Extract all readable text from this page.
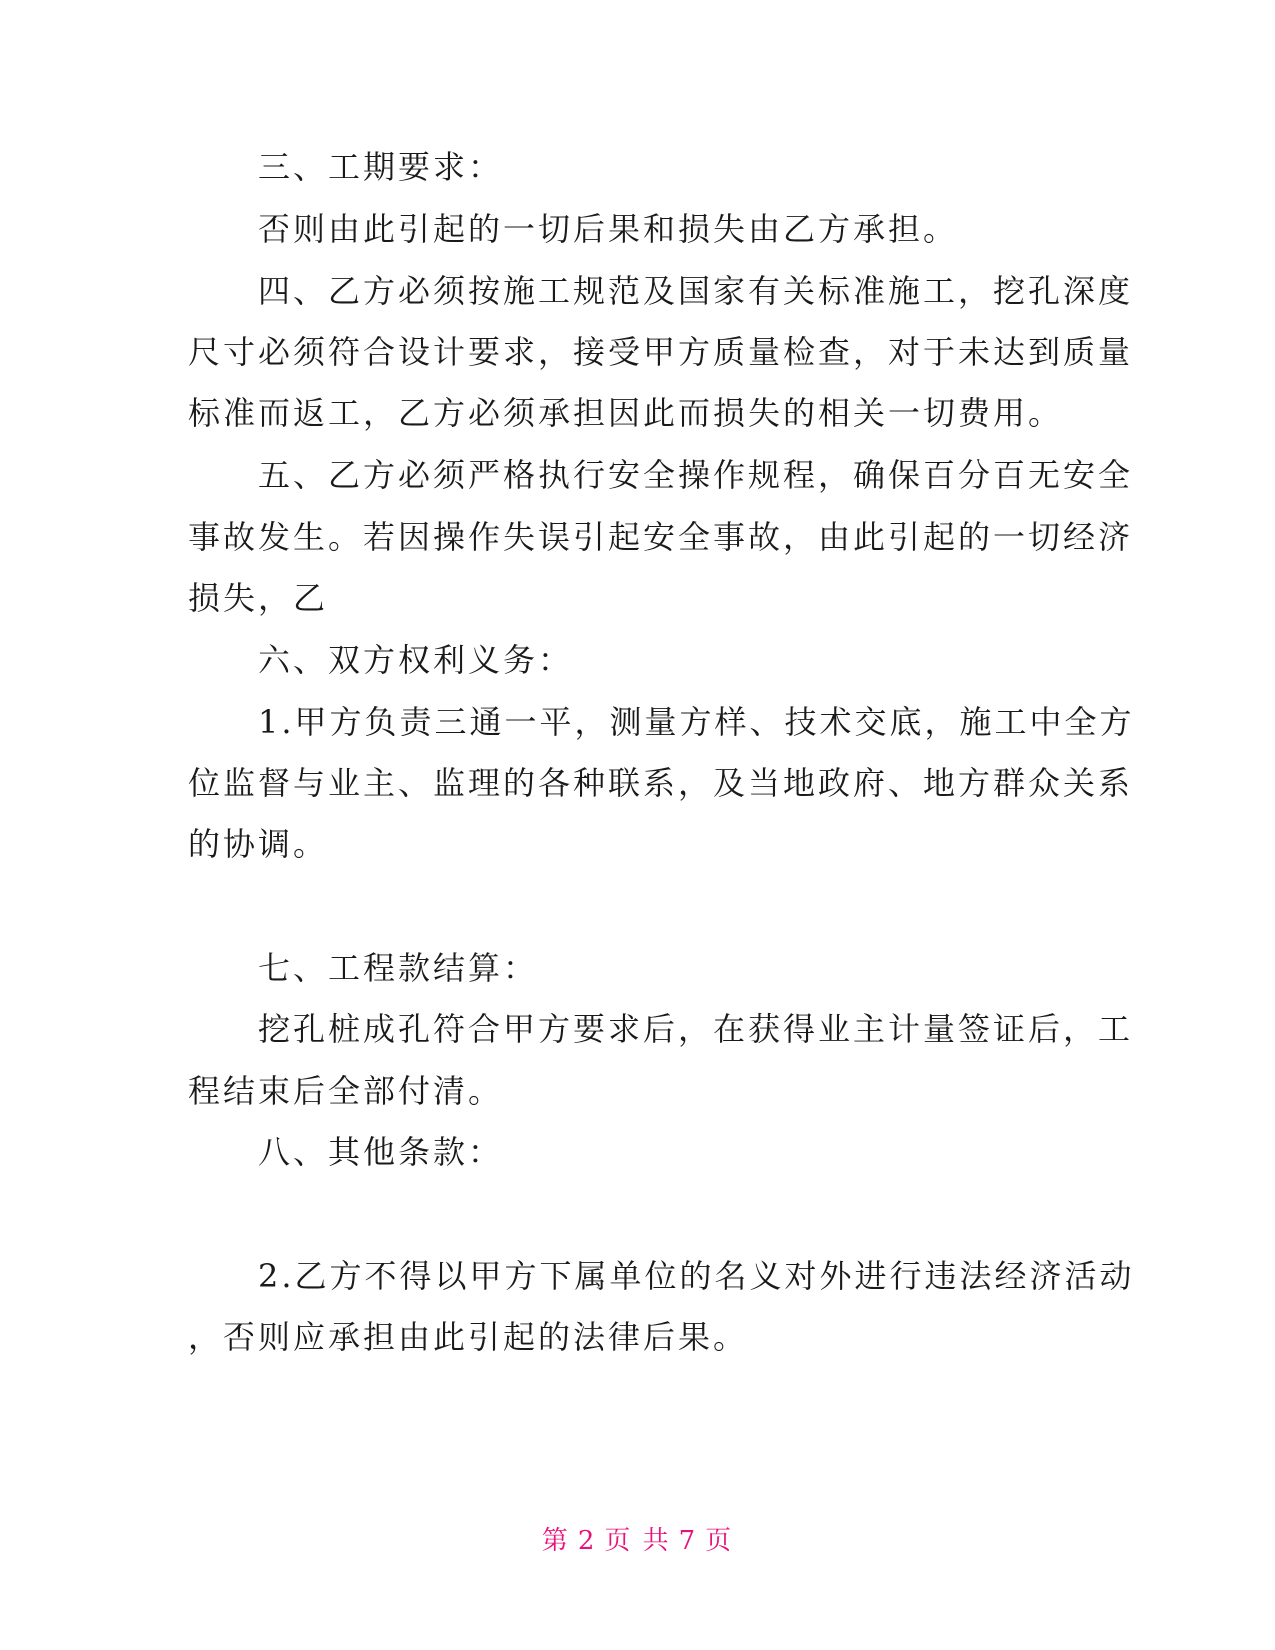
　　三、工期要求：
　　否则由此引起的一切后果和损失由乙方承担。
　　四、乙方必须按施工规范及国家有关标准施工，挖孔深度
尺寸必须符合设计要求，接受甲方质量检查，对于未达到质量
标准而返工，乙方必须承担因此而损失的相关一切费用。
　　五、乙方必须严格执行安全操作规程，确保百分百无安全
事故发生。若因操作失误引起安全事故，由此引起的一切经济
损失，乙
　　六、双方权利义务：
　　1.甲方负责三通一平，测量方样、技术交底，施工中全方
位监督与业主、监理的各种联系，及当地政府、地方群众关系
的协调。
　　七、工程款结算：
　　挖孔桩成孔符合甲方要求后，在获得业主计量签证后，工
程结束后全部付清。
　　八、其他条款：
　　2.乙方不得以甲方下属单位的名义对外进行违法经济活动
，否则应承担由此引起的法律后果。
第 2 页 共 7 页
